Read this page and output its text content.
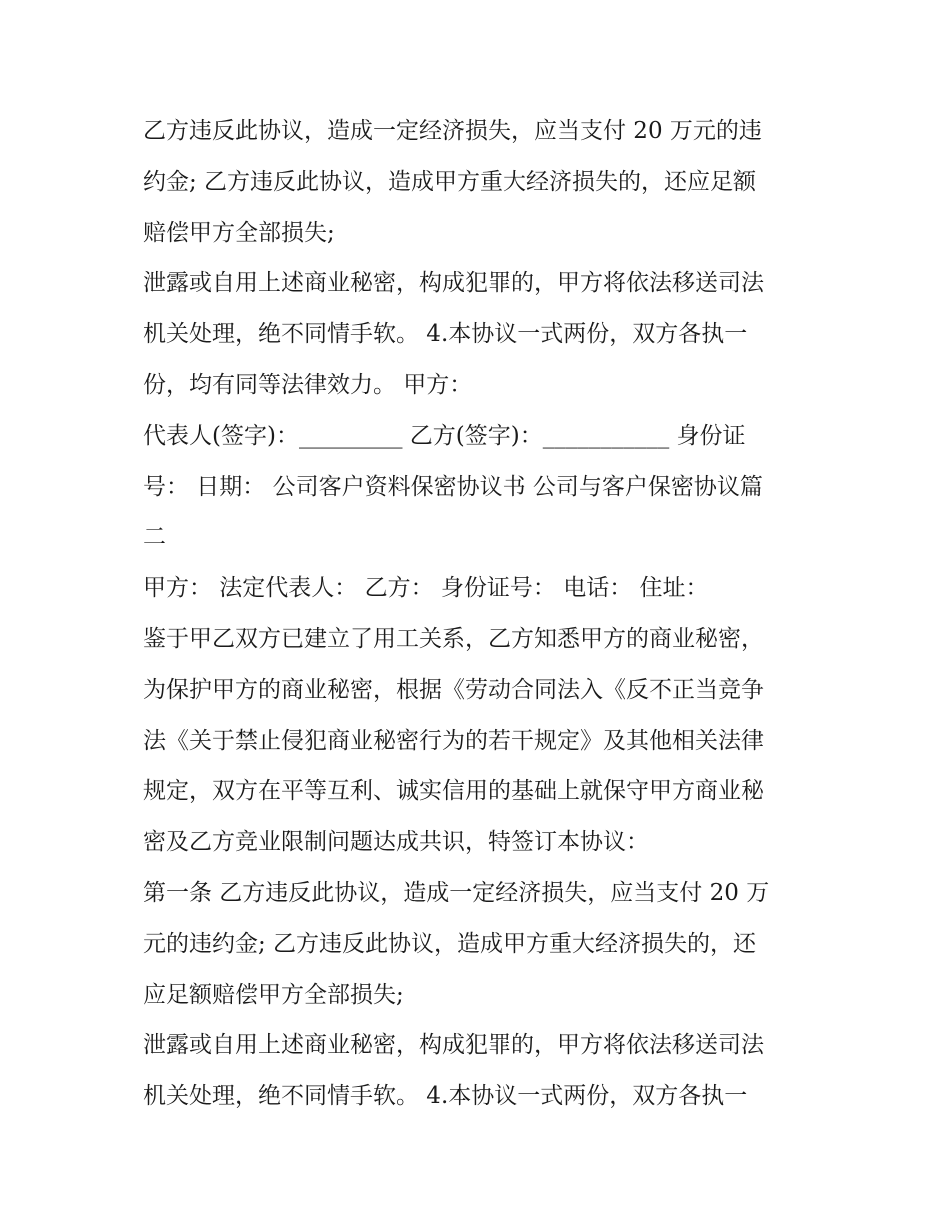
乙方违反此协议，造成一定经济损失，应当支付 20 万元的违
约金; 乙方违反此协议，造成甲方重大经济损失的，还应足额
赔偿甲方全部损失;
泄露或自用上述商业秘密，构成犯罪的，甲方将依法移送司法
机关处理，绝不同情手软。 4.本协议一式两份，双方各执一
份，均有同等法律效力。 甲方：
代表人(签字)：_________ 乙方(签字)：___________ 身份证
号： 日期： 公司客户资料保密协议书 公司与客户保密协议篇
二
甲方： 法定代表人： 乙方： 身份证号： 电话： 住址：
鉴于甲乙双方已建立了用工关系，乙方知悉甲方的商业秘密，
为保护甲方的商业秘密，根据《劳动合同法入《反不正当竞争
法《关于禁止侵犯商业秘密行为的若干规定》及其他相关法律
规定，双方在平等互利、诚实信用的基础上就保守甲方商业秘
密及乙方竞业限制问题达成共识，特签订本协议：
第一条 乙方违反此协议，造成一定经济损失，应当支付 20 万
元的违约金; 乙方违反此协议，造成甲方重大经济损失的，还
应足额赔偿甲方全部损失;
泄露或自用上述商业秘密，构成犯罪的，甲方将依法移送司法
机关处理，绝不同情手软。 4.本协议一式两份，双方各执一
